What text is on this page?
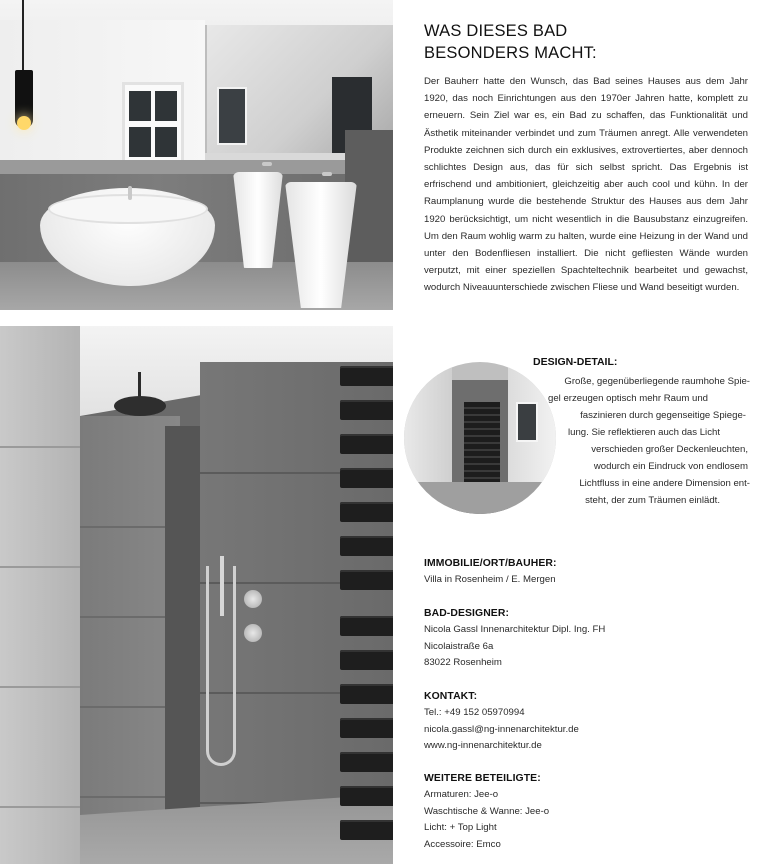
WAS DIESES BAD
BESONDERS MACHT:

Der Bauherr hatte den Wunsch, das Bad seines Hauses aus dem Jahr 1920, das noch Einrichtungen aus den 1970er Jahren hatte, komplett zu erneuern. Sein Ziel war es, ein Bad zu schaffen, das Funktionalität und Ästhetik miteinander verbindet und zum Träumen anregt. Alle verwendeten Produkte zeichnen sich durch ein exklusives, extrovertiertes, aber dennoch schlichtes Design aus, das für sich selbst spricht. Das Ergebnis ist erfrischend und ambitioniert, gleichzeitig aber auch cool und kühn. In der Raumplanung wurde die bestehende Struktur des Hauses aus dem Jahr 1920 berücksichtigt, um nicht wesentlich in die Bausubstanz einzugreifen. Um den Raum wohlig warm zu halten, wurde eine Heizung in der Wand und unter den Bodenfliesen installiert. Die nicht gefliesten Wände wurden verputzt, mit einer speziellen Spachteltechnik bearbeitet und gewachst, wodurch Niveauunterschiede zwischen Fliese und Wand beseitigt wurden.

DESIGN-DETAIL:
Große, gegenüberliegende raumhohe Spie-
gel erzeugen optisch mehr Raum und
faszinieren durch gegenseitige Spiege-
lung. Sie reflektieren auch das Licht
verschieden großer Deckenleuchten,
wodurch ein Eindruck von endlosem
Lichtfluss in eine andere Dimension ent-
steht, der zum Träumen einlädt.
IMMOBILIE/ORT/BAUHER:
Villa in Rosenheim / E. Mergen
BAD-DESIGNER:
Nicola Gassl Innenarchitektur Dipl. Ing. FH
Nicolaistraße 6a
83022 Rosenheim
KONTAKT:
Tel.: +49 152 05970994
nicola.gassl@ng-innenarchitektur.de
www.ng-innenarchitektur.de
WEITERE BETEILIGTE:
Armaturen: Jee-o
Waschtische & Wanne: Jee-o
Licht: + Top Light
Accessoire: Emco
